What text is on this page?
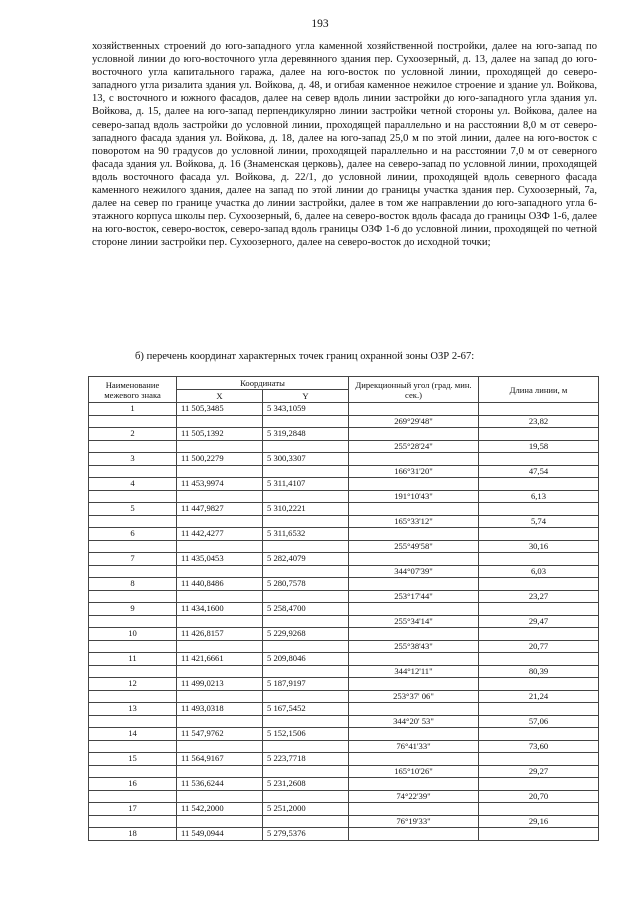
193

хозяйственных строений до юго-западного угла каменной хозяйственной постройки, далее на юго-запад по условной линии до юго-восточного угла деревянного здания пер. Сухоозерный, д. 13, далее на запад до юго-восточного угла капитального гаража, далее на юго-восток по условной линии, проходящей до северо-западного угла ризалита здания ул. Войкова, д. 48, и огибая каменное нежилое строение и здание ул. Войкова, 13, с восточного и южного фасадов, далее на север вдоль линии застройки до юго-западного угла здания ул. Войкова, д. 15, далее на юго-запад перпендикулярно линии застройки четной стороны ул. Войкова, далее на северо-запад вдоль застройки до условной линии, проходящей параллельно и на расстоянии 8,0 м от северо-западного фасада здания ул. Войкова, д. 18, далее на юго-запад 25,0 м по этой линии, далее на юго-восток с поворотом на 90 градусов до условной линии, проходящей параллельно и на расстоянии 7,0 м от северного фасада здания ул. Войкова, д. 16 (Знаменская церковь), далее на северо-запад по условной линии, проходящей вдоль восточного фасада ул. Войкова, д. 22/1, до условной линии, проходящей вдоль северного фасада каменного нежилого здания, далее на запад по этой линии до границы участка здания пер. Сухоозерный, 7а, далее на север по границе участка до линии застройки, далее в том же направлении до юго-западного угла 6-этажного корпуса школы пер. Сухоозерный, 6, далее на северо-восток вдоль фасада до границы ОЗФ 1-6, далее на юго-восток, северо-восток, северо-запад вдоль границы ОЗФ 1-6 до условной линии, проходящей по четной стороне линии застройки пер. Сухоозерного, далее на северо-восток до исходной точки;

б) перечень координат характерных точек границ охранной зоны ОЗР 2-67:

Наименование межевого знака	Координаты		Дирекционный угол (град. мин. сек.)	Длина линии, м
	X	Y		
1	11 505,3485	5 343,1059		
			269°29'48"	23,82
2	11 505,1392	5 319,2848		
			255°28'24"	19,58
3	11 500,2279	5 300,3307		
			166°31'20"	47,54
4	11 453,9974	5 311,4107		
			191°10'43"	6,13
5	11 447,9827	5 310,2221		
			165°33'12"	5,74
6	11 442,4277	5 311,6532		
			255°49'58"	30,16
7	11 435,0453	5 282,4079		
			344°07'39"	6,03
8	11 440,8486	5 280,7578		
			253°17'44"	23,27
9	11 434,1600	5 258,4700		
			255°34'14"	29,47
10	11 426,8157	5 229,9268		
			255°38'43"	20,77
11	11 421,6661	5 209,8046		
			344°12'11"	80,39
12	11 499,0213	5 187,9197		
			253°37' 06"	21,24
13	11 493,0318	5 167,5452		
			344°20' 53"	57,06
14	11 547,9762	5 152,1506		
			76°41'33"	73,60
15	11 564,9167	5 223,7718		
			165°10'26"	29,27
16	11 536,6244	5 231,2608		
			74°22'39"	20,70
17	11 542,2000	5 251,2000		
			76°19'33"	29,16
18	11 549,0944	5 279,5376		
